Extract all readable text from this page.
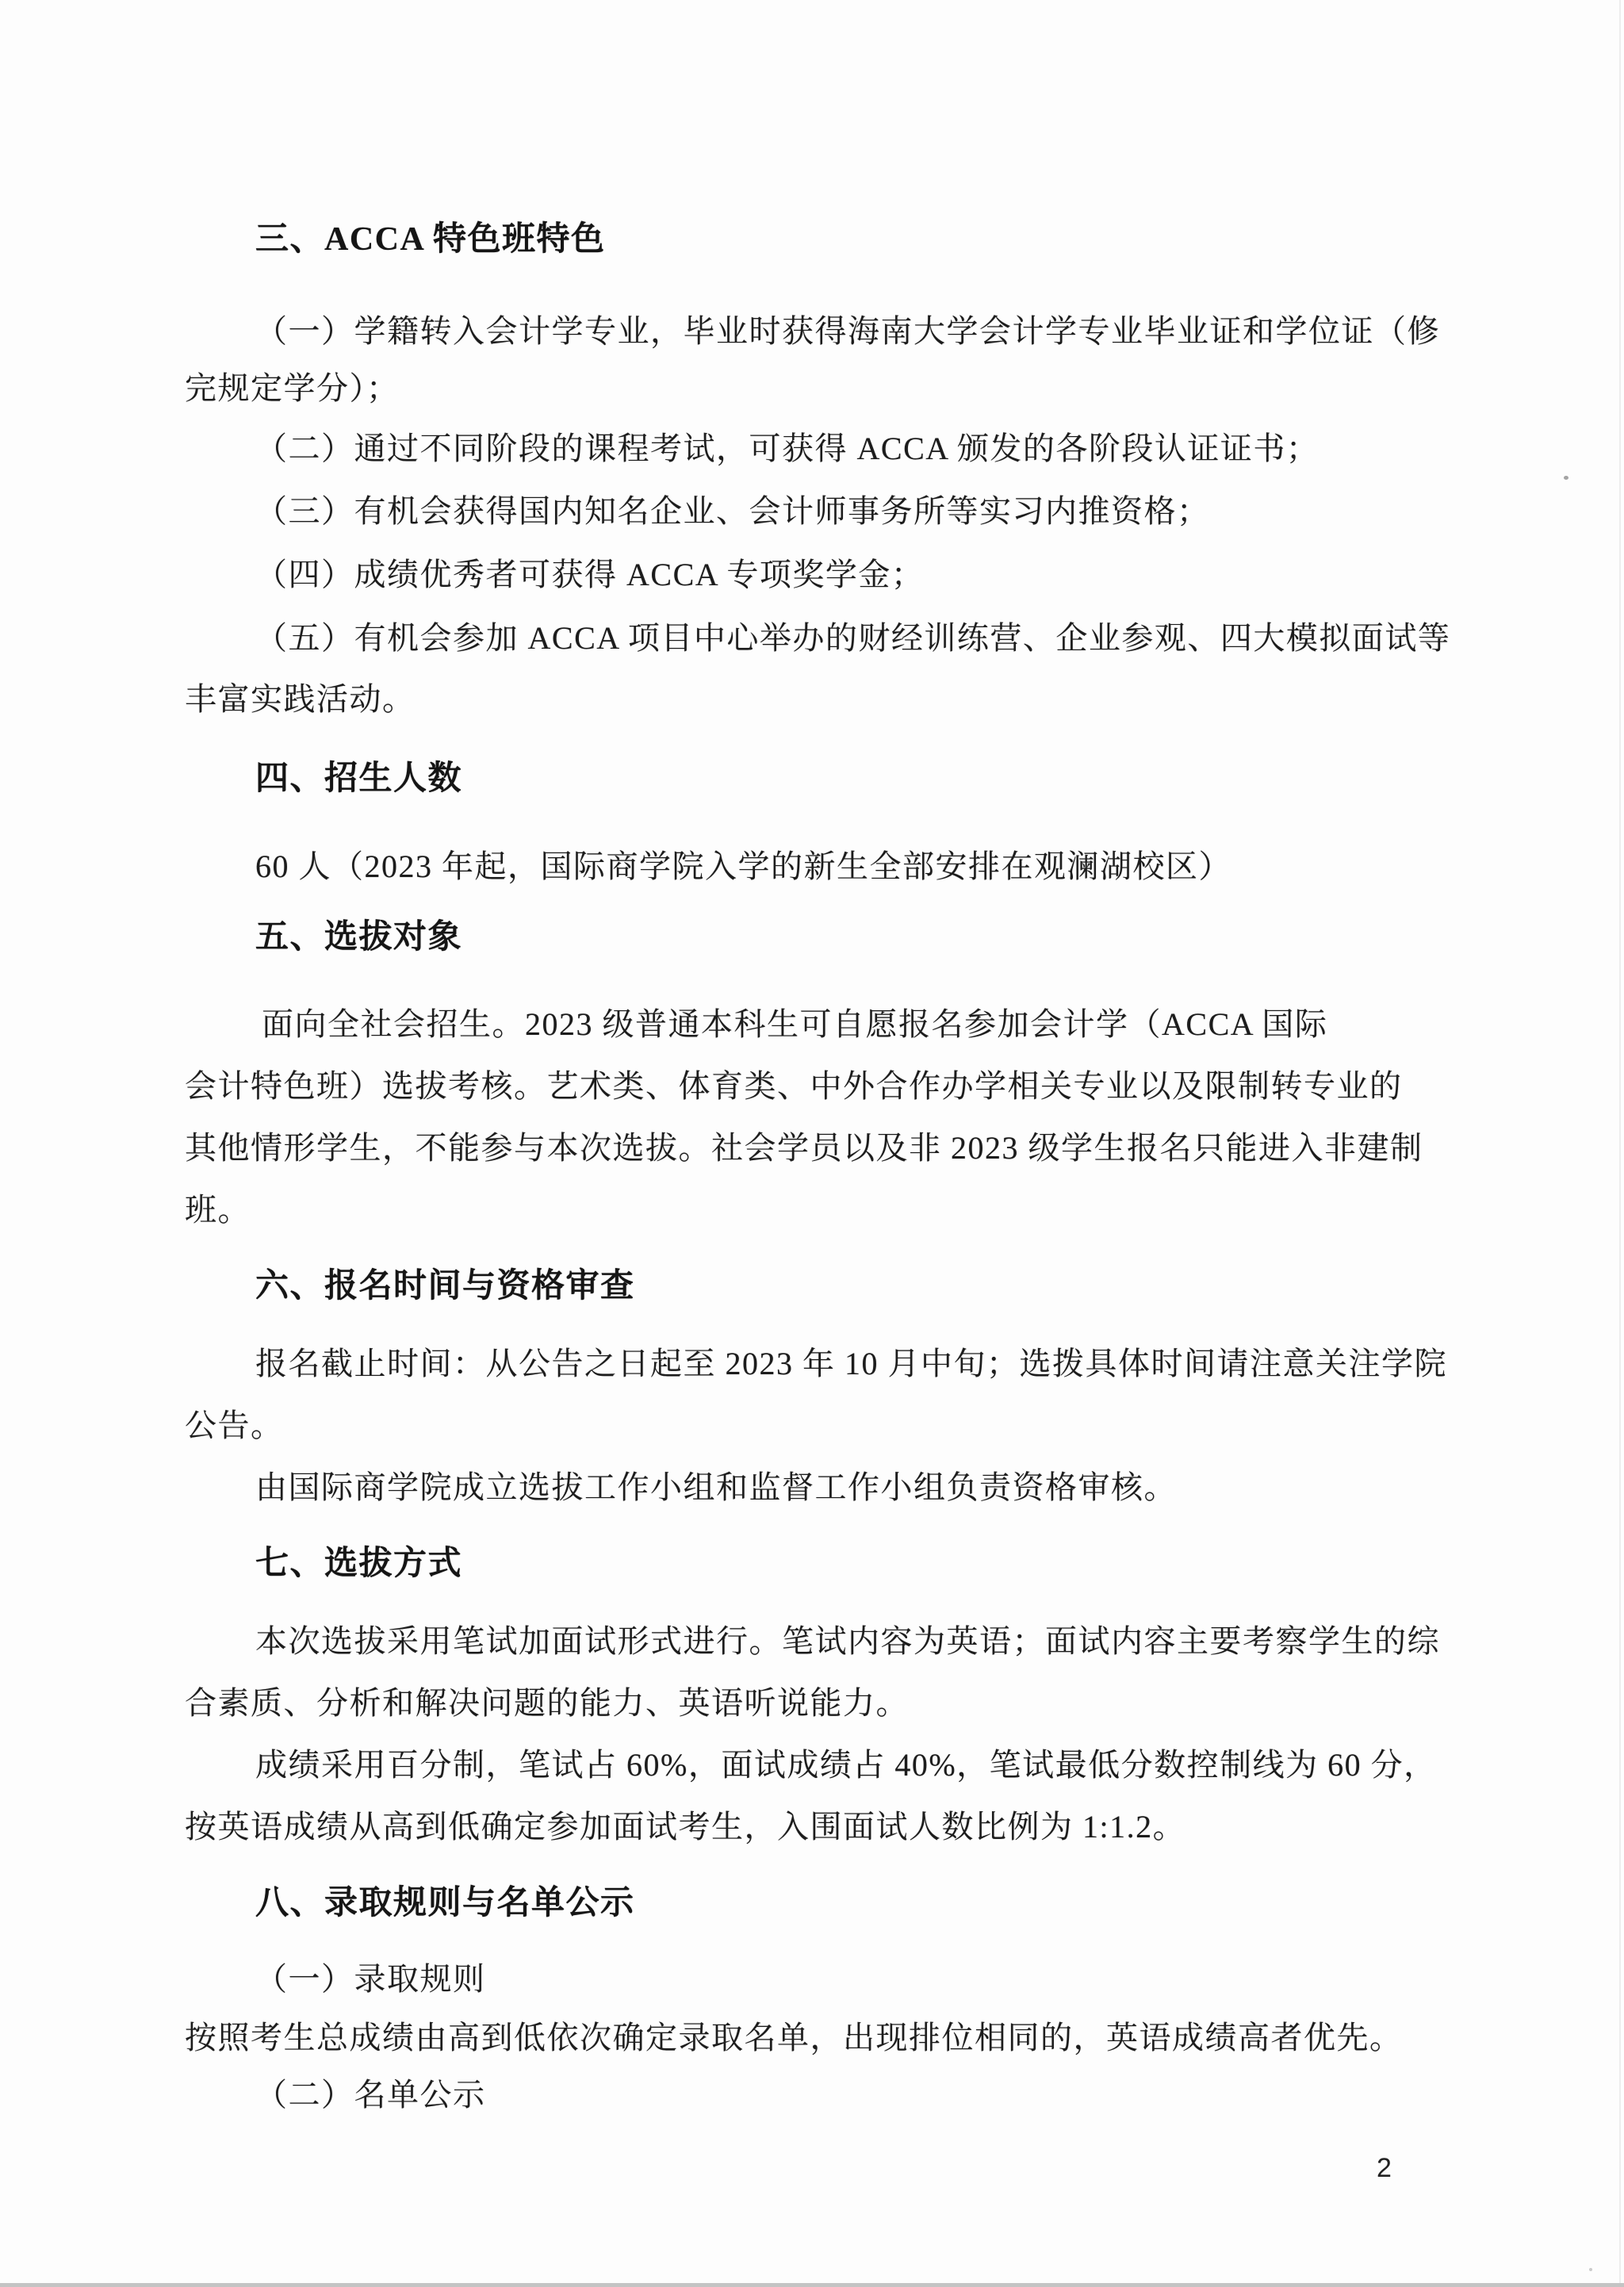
三、ACCA 特色班特色
（一）学籍转入会计学专业，毕业时获得海南大学会计学专业毕业证和学位证（修
完规定学分）；
（二）通过不同阶段的课程考试，可获得 ACCA 颁发的各阶段认证证书；
（三）有机会获得国内知名企业、会计师事务所等实习内推资格；
（四）成绩优秀者可获得 ACCA 专项奖学金；
（五）有机会参加 ACCA 项目中心举办的财经训练营、企业参观、四大模拟面试等
丰富实践活动。
四、招生人数
60 人（2023 年起，国际商学院入学的新生全部安排在观澜湖校区）
五、选拔对象
面向全社会招生。2023 级普通本科生可自愿报名参加会计学（ACCA 国际
会计特色班）选拔考核。艺术类、体育类、中外合作办学相关专业以及限制转专业的
其他情形学生，不能参与本次选拔。社会学员以及非 2023 级学生报名只能进入非建制
班。
六、报名时间与资格审查
报名截止时间：从公告之日起至 2023 年 10 月中旬；选拨具体时间请注意关注学院
公告。
由国际商学院成立选拔工作小组和监督工作小组负责资格审核。
七、选拔方式
本次选拔采用笔试加面试形式进行。笔试内容为英语；面试内容主要考察学生的综
合素质、分析和解决问题的能力、英语听说能力。
成绩采用百分制，笔试占 60%，面试成绩占 40%，笔试最低分数控制线为 60 分，
按英语成绩从高到低确定参加面试考生，入围面试人数比例为 1:1.2。
八、录取规则与名单公示
（一）录取规则
按照考生总成绩由高到低依次确定录取名单，出现排位相同的，英语成绩高者优先。
（二）名单公示
2
